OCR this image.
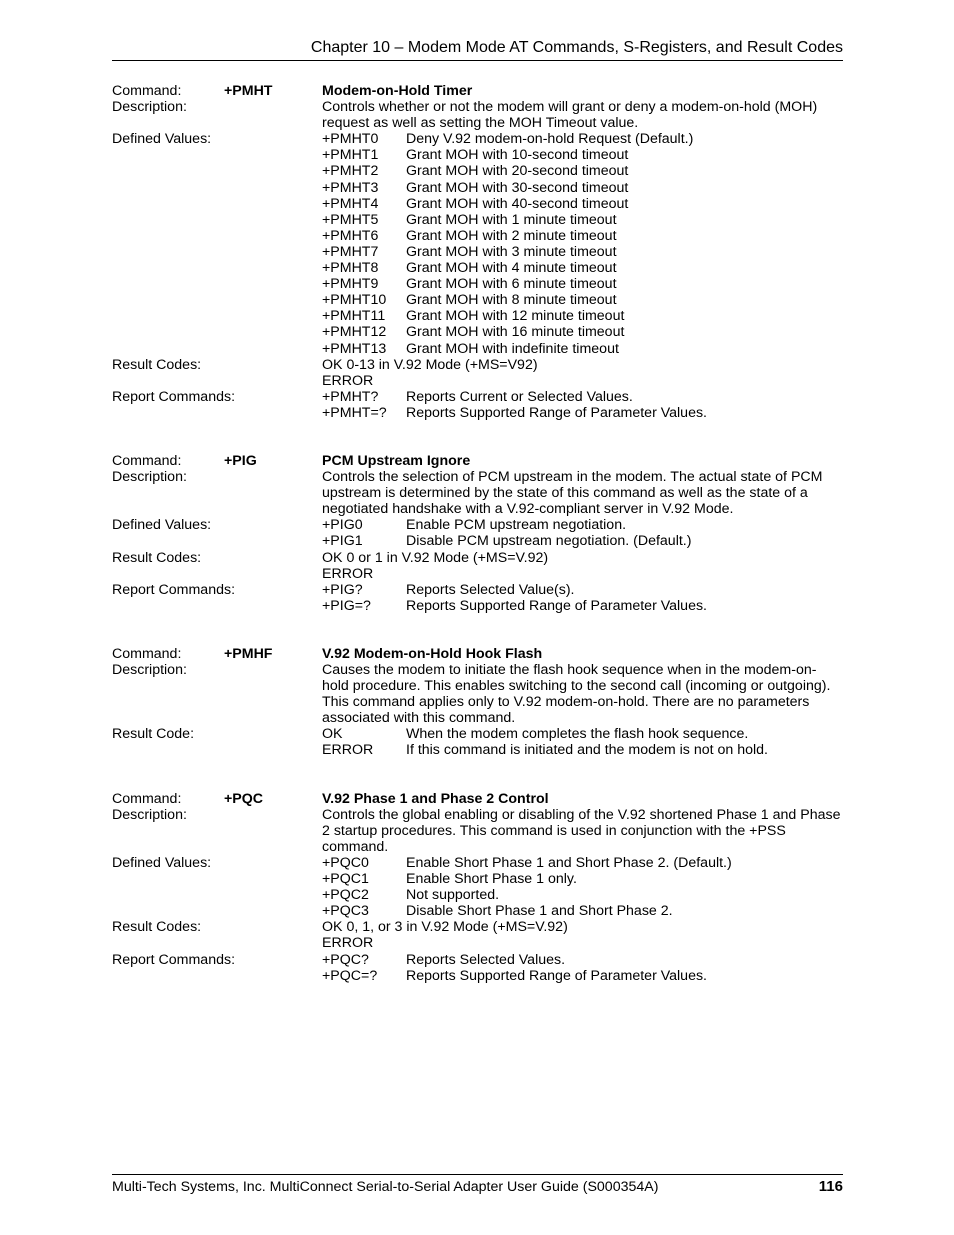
Chapter 10 – Modem Mode AT Commands, S-Registers, and Result Codes
Command:	+PMHT	Modem-on-Hold Timer
Description:	Controls whether or not the modem will grant or deny a modem-on-hold (MOH) request as well as setting the MOH Timeout value.
Defined Values:	+PMHT0	Deny V.92 modem-on-hold Request (Default.)
+PMHT1	Grant MOH with 10-second timeout
+PMHT2	Grant MOH with 20-second timeout
+PMHT3	Grant MOH with 30-second timeout
+PMHT4	Grant MOH with 40-second timeout
+PMHT5	Grant MOH with 1 minute timeout
+PMHT6	Grant MOH with 2 minute timeout
+PMHT7	Grant MOH with 3 minute timeout
+PMHT8	Grant MOH with 4 minute timeout
+PMHT9	Grant MOH with 6 minute timeout
+PMHT10	Grant MOH with 8 minute timeout
+PMHT11	Grant MOH with 12 minute timeout
+PMHT12	Grant MOH with 16 minute timeout
+PMHT13	Grant MOH with indefinite timeout
Result Codes:	OK 0-13 in V.92 Mode (+MS=V92)
ERROR
Report Commands:	+PMHT?	Reports Current or Selected Values.
+PMHT=?	Reports Supported Range of Parameter Values.
Command:	+PIG	PCM Upstream Ignore
Description:	Controls the selection of PCM upstream in the modem. The actual state of PCM upstream is determined by the state of this command as well as the state of a negotiated handshake with a V.92-compliant server in V.92 Mode.
Defined Values:	+PIG0	Enable PCM upstream negotiation.
+PIG1	Disable PCM upstream negotiation. (Default.)
Result Codes:	OK 0 or 1 in V.92 Mode (+MS=V.92)
ERROR
Report Commands:	+PIG?	Reports Selected Value(s).
+PIG=?	Reports Supported Range of Parameter Values.
Command:	+PMHF	V.92 Modem-on-Hold Hook Flash
Description:	Causes the modem to initiate the flash hook sequence when in the modem-on-hold procedure. This enables switching to the second call (incoming or outgoing). This command applies only to V.92 modem-on-hold. There are no parameters associated with this command.
Result Code:	OK	When the modem completes the flash hook sequence.
ERROR	If this command is initiated and the modem is not on hold.
Command:	+PQC	V.92 Phase 1 and Phase 2 Control
Description:	Controls the global enabling or disabling of the V.92 shortened Phase 1 and Phase 2 startup procedures. This command is used in conjunction with the +PSS command.
Defined Values:	+PQC0	Enable Short Phase 1 and Short Phase 2. (Default.)
+PQC1	Enable Short Phase 1 only.
+PQC2	Not supported.
+PQC3	Disable Short Phase 1 and Short Phase 2.
Result Codes:	OK 0, 1, or 3 in V.92 Mode (+MS=V.92)
ERROR
Report Commands:	+PQC?	Reports Selected Values.
+PQC=?	Reports Supported Range of Parameter Values.
Multi-Tech Systems, Inc. MultiConnect Serial-to-Serial Adapter User Guide (S000354A)	116
